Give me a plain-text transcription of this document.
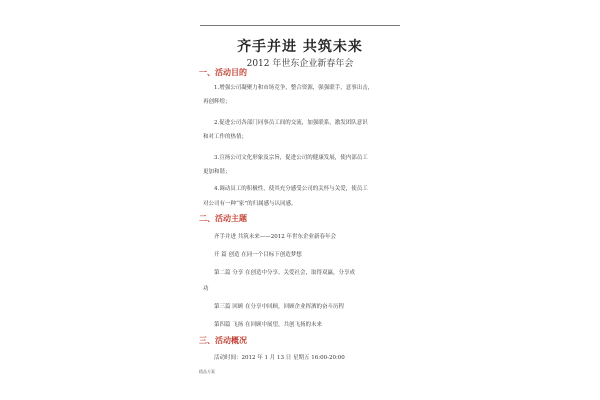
齐手并进 共筑未来
2012 年世东企业新春年会
一、活动目的
1.增强公司凝聚力和市场竞争，整合资源，强强联手，意事出击，
再创辉煌；
2.促进公司各部门同事员工间的交流，加强联系，激发团队意识
和对工作的热情；
3.宣扬公司文化形象及宗旨，促进公司的健康发展，使内部员工
更加和谐；
4.调动员工的积极性，使其充分感受公司的关怀与关爱，使员工
对公司有一种“家”的归属感与认同感。
二、活动主题
齐手并进 共筑未来——2012 年世东企业新春年会
开 篇 创造 在同一个目标下创造梦想
第二篇 分享 在创造中分享、关爱社会，取得双赢，分享成
功
第三篇 回顾 在分享中回顾，回顾企业挥洒的奋斗历程
第四篇 飞扬 在回顾中展望，共创飞扬的未来
三、活动概况
活动时间：2012 年 1 月 13 日 星期五 16:00-20:00
精品方案
